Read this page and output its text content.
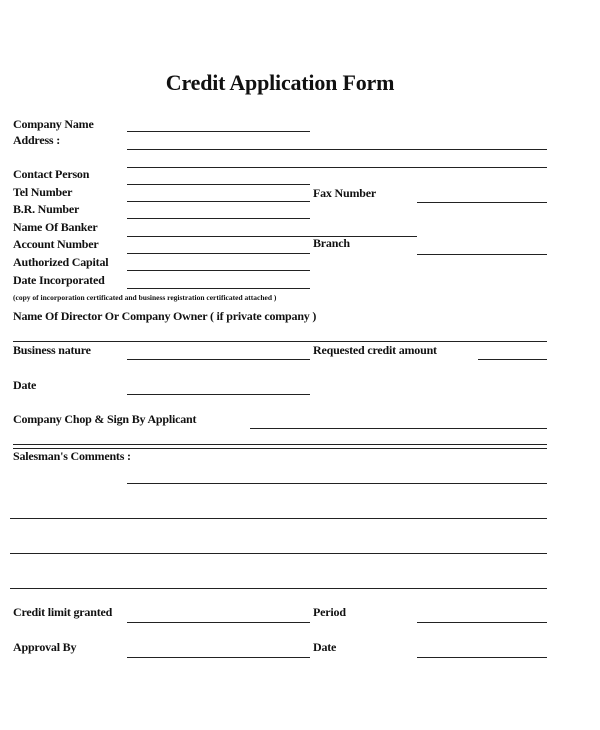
Credit Application Form
Company Name
Address :
Contact Person
Tel Number	Fax Number
B.R. Number
Name Of Banker
Account Number	Branch
Authorized Capital
Date Incorporated
(copy of incorporation certificated and business registration certificated attached )
Name Of Director Or Company Owner ( if private company )
Business nature	Requested credit amount
Date
Company Chop & Sign By Applicant
Salesman's Comments :
Credit limit granted	Period
Approval By	Date
